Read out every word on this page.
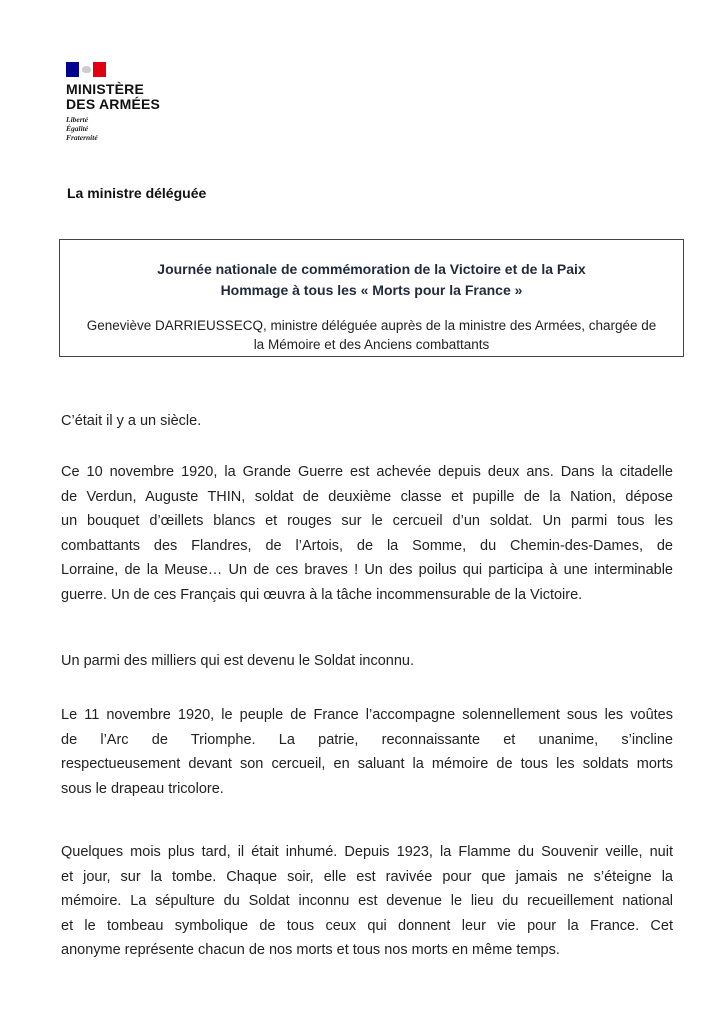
MINISTÈRE
DES ARMÉES
Liberté
Égalité
Fraternité
La ministre déléguée
Journée nationale de commémoration de la Victoire et de la Paix
Hommage à tous les « Morts pour la France »
Geneviève DARRIEUSSECQ, ministre déléguée auprès de la ministre des Armées, chargée de
la Mémoire et des Anciens combattants
C’était il y a un siècle.
Ce 10 novembre 1920, la Grande Guerre est achevée depuis deux ans. Dans la citadelle
de Verdun, Auguste THIN, soldat de deuxième classe et pupille de la Nation, dépose
un bouquet d’œillets blancs et rouges sur le cercueil d’un soldat. Un parmi tous les
combattants des Flandres, de l’Artois, de la Somme, du Chemin-des-Dames, de
Lorraine, de la Meuse… Un de ces braves ! Un des poilus qui participa à une interminable
guerre. Un de ces Français qui œuvra à la tâche incommensurable de la Victoire.
Un parmi des milliers qui est devenu le Soldat inconnu.
Le 11 novembre 1920, le peuple de France l’accompagne solennellement sous les voûtes
de l’Arc de Triomphe. La patrie, reconnaissante et unanime, s’incline
respectueusement devant son cercueil, en saluant la mémoire de tous les soldats morts
sous le drapeau tricolore.
Quelques mois plus tard, il était inhumé. Depuis 1923, la Flamme du Souvenir veille, nuit
et jour, sur la tombe. Chaque soir, elle est ravivée pour que jamais ne s’éteigne la
mémoire. La sépulture du Soldat inconnu est devenue le lieu du recueillement national
et le tombeau symbolique de tous ceux qui donnent leur vie pour la France. Cet
anonyme représente chacun de nos morts et tous nos morts en même temps.
